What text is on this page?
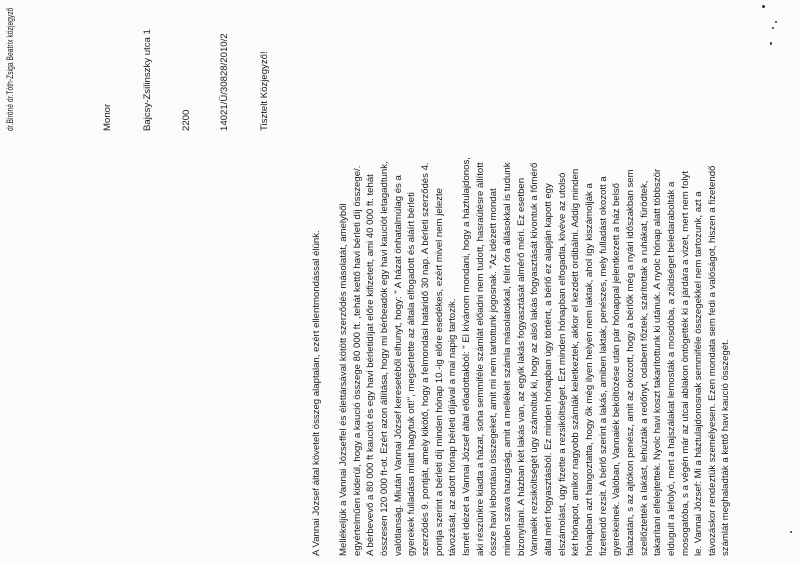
dr.Biróné dr.Tóth-Zsiga Beatrix közjegyző	Monor	Bajcsy-Zsilinszky utca 1	2200	14021/Ü/30828/2010/2	Tisztelt Közjegyző!
A Vannai József által követelt összeg alaptalan, ezért ellentmondással élünk. Mellékeljük a Vannai Józseffel és élettársával kötött szerződés másolatát, amelyből egyértelműen kiderül, hogy a kaució összege 80 000 ft. ,tehát kettő havi bérleti díj összege/. A bérbevevő a 80 000 ft kauciót és egy havi bérletidíjat előre kifizetett, ami 40 000 ft. tehát összesen 120 000 ft-ot. Ezért azon állítása, hogy mi bérbeadók egy havi kauciót letagadtunk, valótlanság. Miután Vannai József keresetéből elhunyt, hogy: " A házat önhatalmúlag és a gyerekek fulladása miatt hagytuk ott!", megsértette az általa elfogadott és aláírt bérleti szerződés 9. pontját, amely kikötő, hogy a felmondási határidő 30 nap. A bérleti szerződés 4. pontja szerint a bérleti díj minden hónap 10.-ig előre esedékes, ezért mivel nem jelezte távozását, az adott hónap bérleti díjával a mai napig tartozik. Ismét idézet a Vannai József által előadottakból: " El kívánom mondani, hogy a háztulajdonos, aki részünkre kiadta a házat, soha semmiféle számlát előadni nem tudott, hasraütésre állított össze havi lebontású összegeket, amit mi nem tartottunk jogosnak. "Az idézett mondat minden szava hazugság, amit a mellékelt számla másolatokkal, felírt óra állásokkal is tudunk bizonyítani. A házban két lakás van, az egyik lakás fogyasztását almérő méri. Ez esetben Vannaiék rezsiköltségét úgy számoltuk ki, hogy az alsó lakás fogyasztását kivontuk a főmérő által mért fogyasztásból. Ez minden hónapban úgy történt, a bérlő ez alapján kapott egy elszámolást, úgy fizette a rezsiköltséget. Ezt minden hónapban elfogadta, kivéve az utolsó két hónapot, amikor nagyobb számlák keletkeztek, akkor el kezdett ordibálni. Addig minden hónapban azt hangoztatta, hogy ők még ilyen helyen nem laktak, ahol így kiszámolják a fizetendő rezsit. A bérlő szerint a lakás, amiben laktak, penészes, mely fulladást okozott a gyerekeinek. Valóban, Vannaiék beköltözése után pár hónappal jelentkezett a ház belső falazatán, s az ajtókon penész, amit az okozott, hogy a bérlők még a nyári időszakban sem szellőztették a lakást, lehúzták a redőnyt, odabent főztek, szárítottak a ruhákat, fürödtek, takarítani elfelejtettek. Nyolc havi koszt takarítottunk ki utánuk. A nyolc hónap alatt többször eldugult a lefolyó, mert a hajszálakat lemosták a mosdóba, a zöldséget beledarabolták a mosogatóba, s a végén már az utcai ablakon öntögették ki a járdára a vizet, mert nem folyt le. Vannai József: Mi a háztulajdonosnak semmiféle összegekkel nem tartozunk, azt a távozáskor rendeztük személyesen. Ezen mondata sem fedi a valóságot, hiszen a fizetendő számlát meghaladták a kettő havi kaució összegét.
